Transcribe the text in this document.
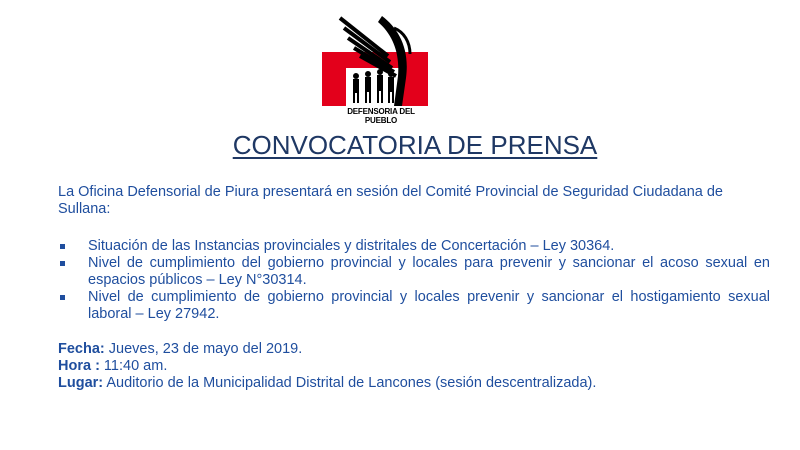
DEFENSORIA DEL PUEBLO
CONVOCATORIA DE PRENSA

La Oficina Defensorial de Piura presentará en sesión del Comité Provincial de Seguridad Ciudadana de Sullana:

Situación de las Instancias provinciales y distritales de Concertación – Ley 30364.
Nivel de cumplimiento del gobierno provincial y locales para prevenir y sancionar el acoso sexual en espacios públicos – Ley N°30314.
Nivel de cumplimiento de gobierno provincial y locales prevenir y sancionar el hostigamiento sexual laboral – Ley 27942.
Fecha: Jueves, 23 de mayo del 2019.
Hora : 11:40 am.
Lugar: Auditorio de la Municipalidad Distrital de Lancones (sesión descentralizada).
